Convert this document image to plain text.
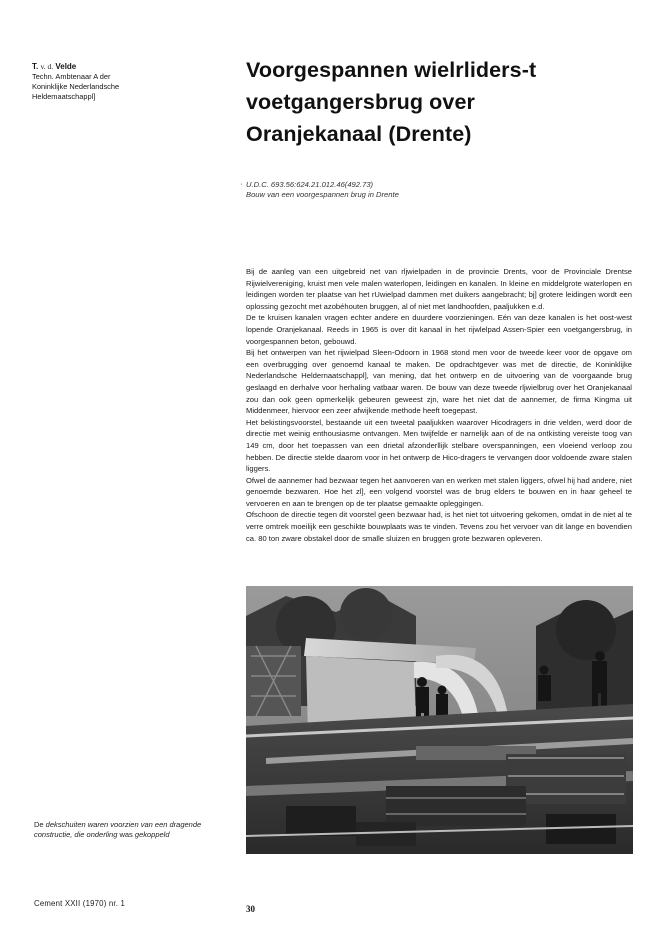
T. v. d. Velde
Techn. Ambtenaar A der
Koninklijke Nederlandsche
Heldemaatschappl]
Voorgespannen wielrliders-t
voetgangersbrug over
Oranjekanaal (Drente)
· U.D.C. 693.56:624.21.012.46(492.73)
Bouw van een voorgespannen brug in Drente

Bij de aanleg van een uitgebreid net van rljwielpaden in de provincie Drents, voor de Provinciale Drentse Rijwielvereniging, kruist men vele malen waterlopen, leidingen en kanalen. In kleine en middelgrote waterlopen en leidingen worden ter plaatse van het rUwielpad dammen met duikers aangebracht; bj] grotere leidingen wordt een oplossing gezocht met azobéhouten bruggen, al of niet met landhoofden, paaljukken e.d.

De te kruisen kanalen vragen echter andere en duurdere voorzieningen. Eén van deze kanalen is het oost-west lopende Oranjekanaal. Reeds in 1965 is over dit kanaal in het rijwlelpad Assen-Spier een voetgangersbrug, in voorgespannen beton, gebouwd.

Bij het ontwerpen van het rijwielpad Sleen-Odoorn in 1968 stond men voor de tweede keer voor de opgave om een overbrugging over genoemd kanaal te maken. De opdrachtgever was met de directie, de Koninklijke Nederlandsche Heldernaatschappl], van mening, dat het ontwerp en de uitvoering van de voorgaande brug geslaagd en derhalve voor herhaling vatbaar waren. De bouw van deze tweede rljwielbrug over het Oranjekanaal zou dan ook geen opmerkelijk gebeuren geweest zjn, ware het niet dat de aannemer, de firma Kingma uit Middenmeer, hiervoor een zeer afwijkende methode heeft toegepast.

Het bekistingsvoorstel, bestaande uit een tweetal paaljukken waarover Hicodragers in drie velden, werd door de directie met weinig enthousiasme ontvangen. Men twijfelde er narnelijk aan of de na ontkisting vereiste toog van 149 cm, door het toepassen van een drietal afzonderllijk stelbare overspanningen, een vloeiend verloop zou hebben. De directie stelde daarom voor in het ontwerp de Hico-dragers te vervangen door voldoende zware stalen liggers.

Ofwel de aannemer had bezwaar tegen het aanvoeren van en werken met stalen liggers, ofwel hij had andere, niet genoemde bezwaren. Hoe het zl], een volgend voorstel was de brug elders te bouwen en in haar geheel te vervoeren en aan te brengen op de ter plaatse gemaakte opleggingen.

Ofschoon de directie tegen dit voorstel geen bezwaar had, is het niet tot uitvoering gekomen, omdat in de niet al te verre omtrek moeilijk een geschikte bouwplaats was te vinden. Tevens zou het vervoer van dit lange en bovendien ca. 80 ton zware obstakel door de smalle sluizen en bruggen grote bezwaren opleveren.

De dekschuiten waren voorzien van een dragende constructie, die onderling was gekoppeld
Cement XXII (1970) nr. 1
30
